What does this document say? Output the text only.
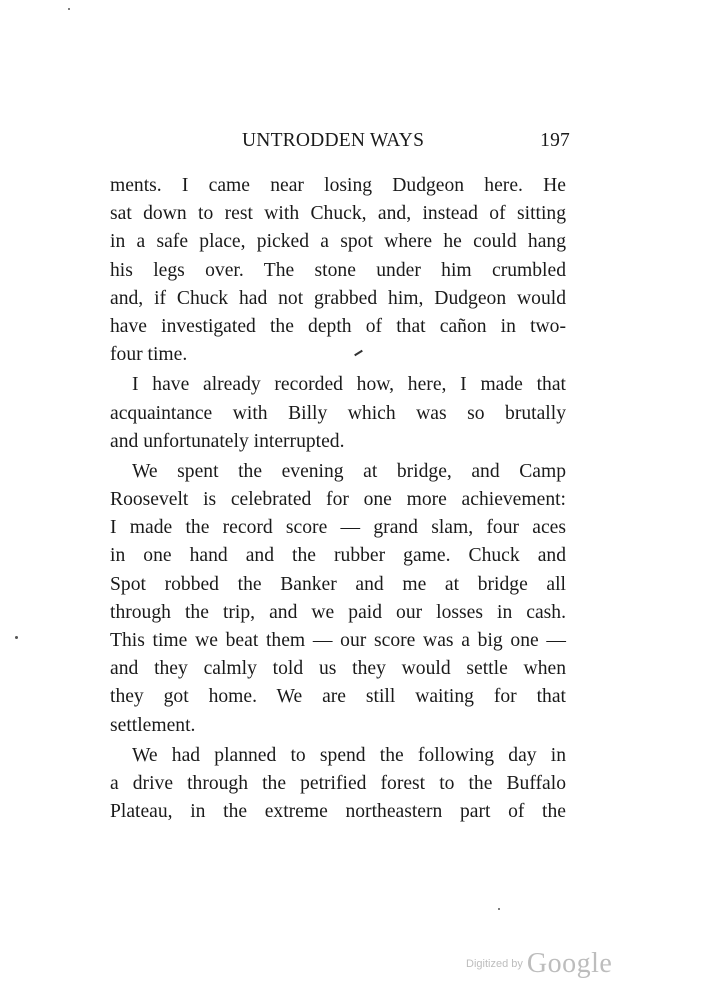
UNTRODDEN WAYS	197
ments. I came near losing Dudgeon here. He
sat down to rest with Chuck, and, instead of sitting
in a safe place, picked a spot where he could hang
his legs over. The stone under him crumbled
and, if Chuck had not grabbed him, Dudgeon would
have investigated the depth of that cañon in two-
four time.
I have already recorded how, here, I made that
acquaintance with Billy which was so brutally
and unfortunately interrupted.
We spent the evening at bridge, and Camp
Roosevelt is celebrated for one more achievement:
I made the record score — grand slam, four aces
in one hand and the rubber game. Chuck and
Spot robbed the Banker and me at bridge all
through the trip, and we paid our losses in cash.
This time we beat them — our score was a big one —
and they calmly told us they would settle when
they got home. We are still waiting for that
settlement.
We had planned to spend the following day in
a drive through the petrified forest to the Buffalo
Plateau, in the extreme northeastern part of the
Digitized by Google
